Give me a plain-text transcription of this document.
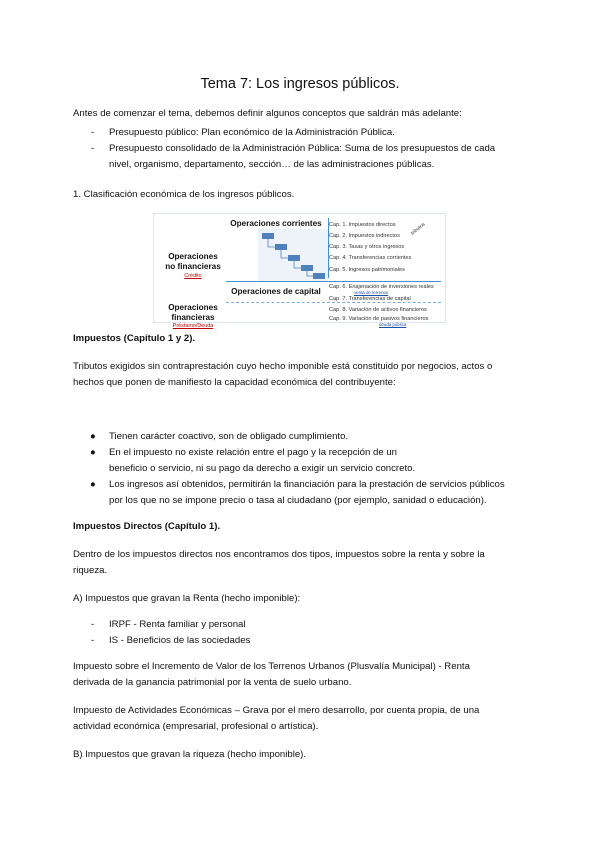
Tema 7: Los ingresos públicos.
Antes de comenzar el tema, debemos definir algunos conceptos que saldrán más adelante:
- Presupuesto público: Plan económico de la Administración Pública.
- Presupuesto consolidado de la Administración Pública: Suma de los presupuestos de cada
nivel, organismo, departamento, sección… de las administraciones públicas.
1. Clasificación económica de los ingresos públicos.
Operaciones
no financieras
Crédito
Operaciones corrientes
Operaciones de capital
Operaciones
financieras
Préstamo/Deuda
Cap. 1. Impuestos directos
Cap. 2. Impuestos indirectos
Cap. 3. Tasas y otros ingresos
Cap. 4. Transferencias corrientes
Cap. 5. Ingresos patrimoniales
Cap. 6. Enajenación de inversiones reales
venta de terrenos
Cap. 7. Transferencias de capital
Cap. 8. Variación de activos financieros
Cap. 9. Variación de pasivos financieros
deuda pública
tributos
Impuestos (Capítulo 1 y 2).
Tributos exigidos sin contraprestación cuyo hecho imponible está constituido por negocios, actos o
hechos que ponen de manifiesto la capacidad económica del contribuyente:
● Tienen carácter coactivo, son de obligado cumplimiento.
● En el impuesto no existe relación entre el pago y la recepción de un
beneficio o servicio, ni su pago da derecho a exigir un servicio concreto.
● Los ingresos así obtenidos, permitirán la financiación para la prestación de servicios públicos
por los que no se impone precio o tasa al ciudadano (por ejemplo, sanidad o educación).
Impuestos Directos (Capítulo 1).
Dentro de los impuestos directos nos encontramos dos tipos, impuestos sobre la renta y sobre la
riqueza.
A) Impuestos que gravan la Renta (hecho imponible):
- IRPF - Renta familiar y personal
- IS - Beneficios de las sociedades
Impuesto sobre el Incremento de Valor de los Terrenos Urbanos (Plusvalía Municipal) - Renta
derivada de la ganancia patrimonial por la venta de suelo urbano.
Impuesto de Actividades Económicas – Grava por el mero desarrollo, por cuenta propia, de una
actividad económica (empresarial, profesional o artística).
B) Impuestos que gravan la riqueza (hecho imponible).
